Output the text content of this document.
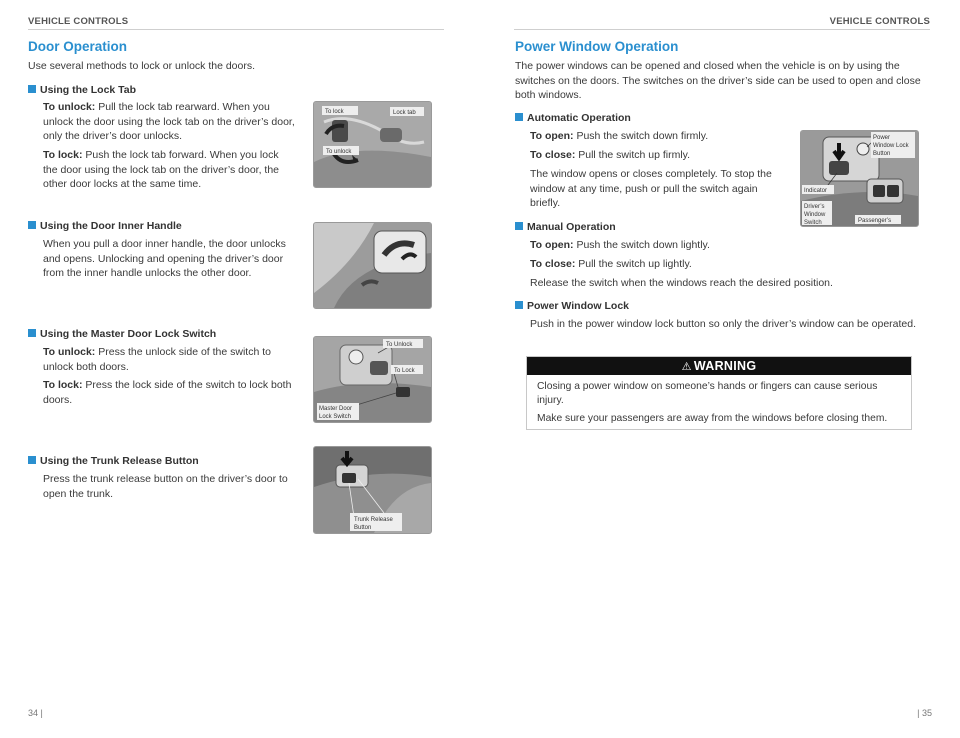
VEHICLE CONTROLS	VEHICLE CONTROLS
Door Operation
Use several methods to lock or unlock the doors.
Using the Lock Tab
To unlock: Pull the lock tab rearward. When you unlock the door using the lock tab on the driver’s door, only the driver’s door unlocks.
To lock: Push the lock tab forward. When you lock the door using the lock tab on the driver’s door, the other door locks at the same time.
To lock	Lock tab
To unlock
Using the Door Inner Handle
When you pull a door inner handle, the door unlocks and opens. Unlocking and opening the driver’s door from the inner handle unlocks the other door.
Using the Master Door Lock Switch
To unlock: Press the unlock side of the switch to unlock both doors.
To lock: Press the lock side of the switch to lock both doors.
To Unlock
To Lock
Master Door
Lock Switch
Using the Trunk Release Button
Press the trunk release button on the driver’s door to open the trunk.
Trunk Release
Button
Power Window Operation
The power windows can be opened and closed when the vehicle is on by using the switches on the doors. The switches on the driver’s side can be used to open and close both windows.
Automatic Operation
To open: Push the switch down firmly.
To close: Pull the switch up firmly.
The window opens or closes completely. To stop the window at any time, push or pull the switch again briefly.
Manual Operation
To open: Push the switch down lightly.
To close: Pull the switch up lightly.
Release the switch when the windows reach the desired position.
Power Window Lock
Push in the power window lock button so only the driver’s window can be operated.
Power
Window Lock
Button
Indicator
Driver’s
Window
Switch	Passenger’s
⚠ WARNING
Closing a power window on someone’s hands or fingers can cause serious injury.
Make sure your passengers are away from the windows before closing them.
34 |	| 35
